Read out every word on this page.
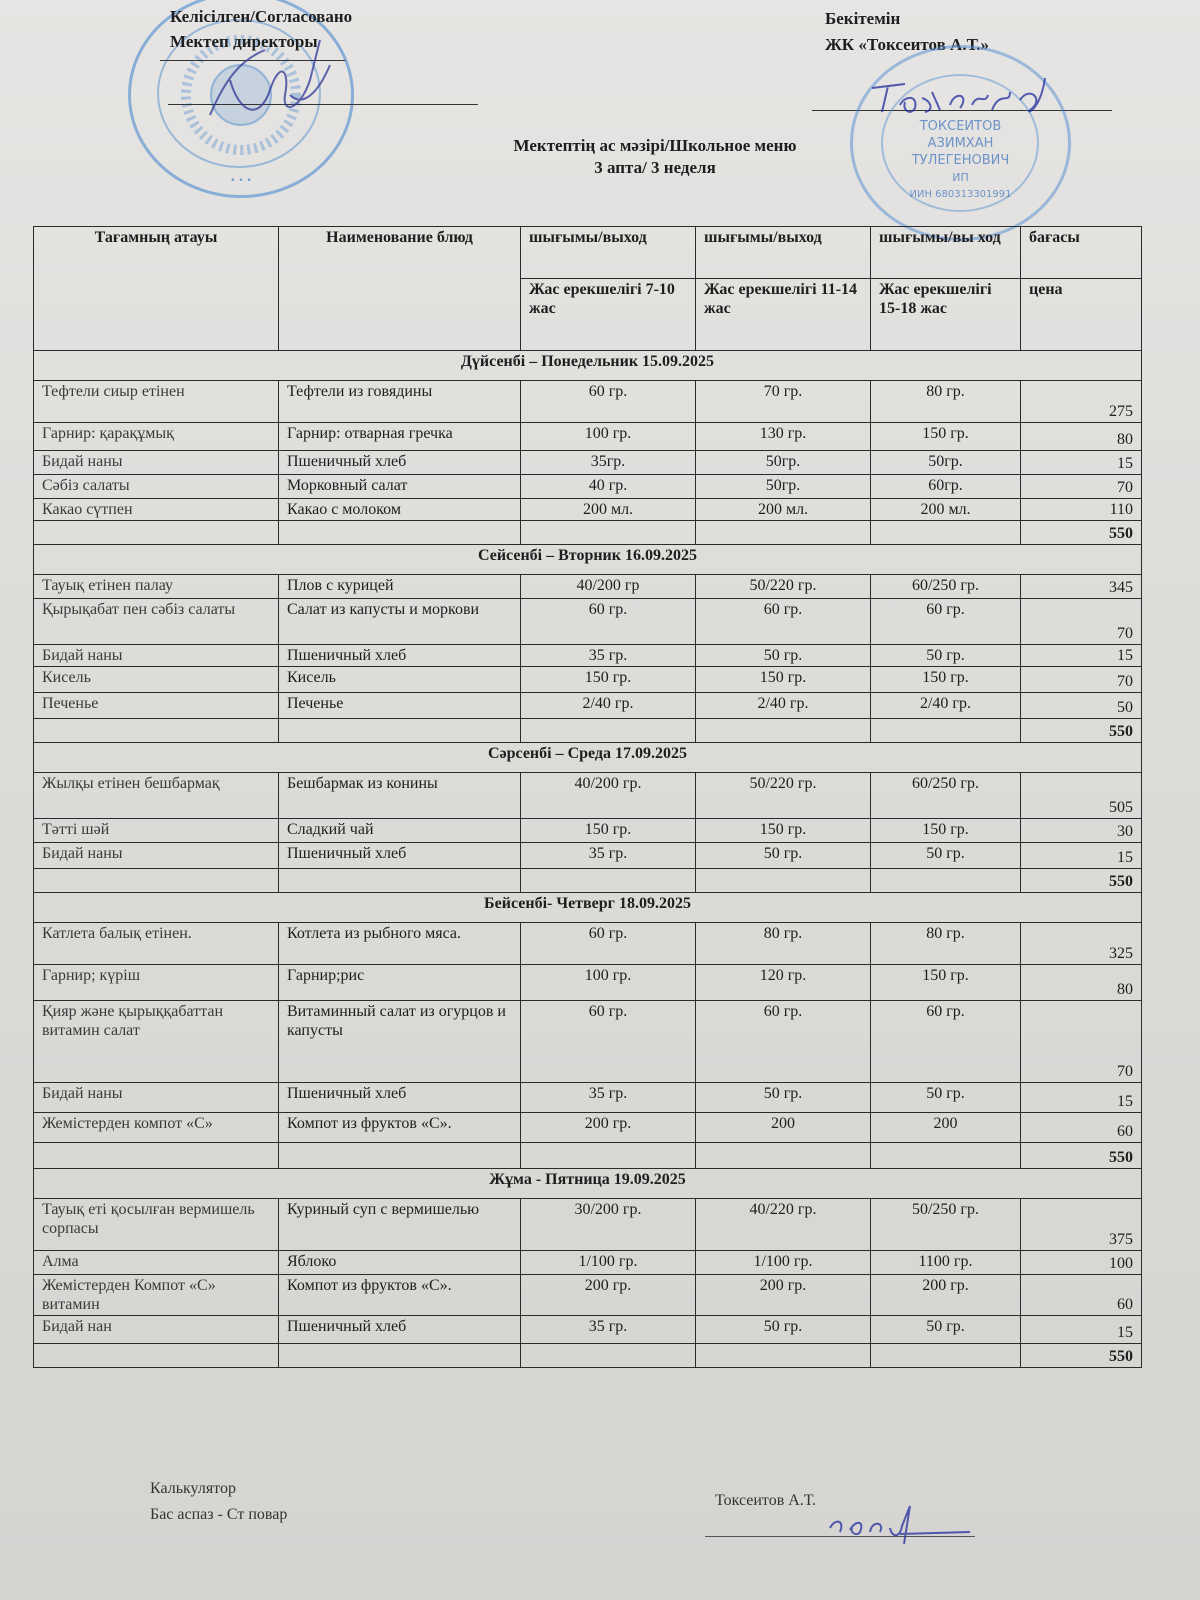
• • •
Келісілген/Согласовано
Мектеп директоры
Бекітемін
ЖК «Токсеитов А.Т.»
ТОКСЕИТОВ
АЗИМХАН
ТУЛЕГЕНОВИЧ
ИП
ИИН 680313301991
Мектептің ас мәзірі/Школьное меню
3 апта/ 3 неделя
Тағамның атауы	Наименование блюд	шығымы/выход	шығымы/выход	шығымы/вы ход	бағасы
		Жас ерекшелігі 7-10 жас	Жас ерекшелігі 11-14 жас	Жас ерекшелігі 15-18 жас	цена
Дүйсенбі – Понедельник 15.09.2025					
Тефтели сиыр етінен	Тефтели из говядины	60 гр.	70 гр.	80 гр.	275
Гарнир: қарақұмық	Гарнир: отварная гречка	100 гр.	130 гр.	150 гр.	80
Бидай наны	Пшеничный хлеб	35гр.	50гр.	50гр.	15
Сәбіз салаты	Морковный салат	40 гр.	50гр.	60гр.	70
Какао сүтпен	Какао с молоком	200 мл.	200 мл.	200 мл.	110
					550
Сейсенбі – Вторник 16.09.2025					
Тауық етінен палау	Плов с курицей	40/200 гр	50/220 гр.	60/250 гр.	345
Қырықабат пен сәбіз салаты	Салат из капусты и моркови	60 гр.	60 гр.	60 гр.	70
Бидай наны	Пшеничный хлеб	35 гр.	50 гр.	50 гр.	15
Кисель	Кисель	150 гр.	150 гр.	150 гр.	70
Печенье	Печенье	2/40 гр.	2/40 гр.	2/40 гр.	50
					550
Сәрсенбі – Среда 17.09.2025					
Жылқы етінен бешбармақ	Бешбармак из конины	40/200 гр.	50/220 гр.	60/250 гр.	505
Тәтті шәй	Сладкий чай	150 гр.	150 гр.	150 гр.	30
Бидай наны	Пшеничный хлеб	35 гр.	50 гр.	50 гр.	15
					550
Бейсенбі- Четверг 18.09.2025					
Катлета балық етінен.	Котлета из рыбного мяса.	60 гр.	80 гр.	80 гр.	325
Гарнир; күріш	Гарнир;рис	100 гр.	120 гр.	150 гр.	80
Қияр және қырыққабаттан витамин салат	Витаминный салат из огурцов и капусты	60 гр.	60 гр.	60 гр.	70
Бидай наны	Пшеничный хлеб	35 гр.	50 гр.	50 гр.	15
Жемістерден компот «С»	Компот из фруктов «С».	200 гр.	200	200	60
					550
Жұма - Пятница 19.09.2025					
Тауық еті қосылған вермишель сорпасы	Куриный суп с вермишелью	30/200 гр.	40/220 гр.	50/250 гр.	375
Алма	Яблоко	1/100 гр.	1/100 гр.	1100 гр.	100
Жемістерден Компот «С» витамин	Компот из фруктов «С».	200 гр.	200 гр.	200 гр.	60
Бидай нан	Пшеничный хлеб	35 гр.	50 гр.	50 гр.	15
					550
Калькулятор
Бас аспаз - Ст повар
Токсеитов А.Т.
